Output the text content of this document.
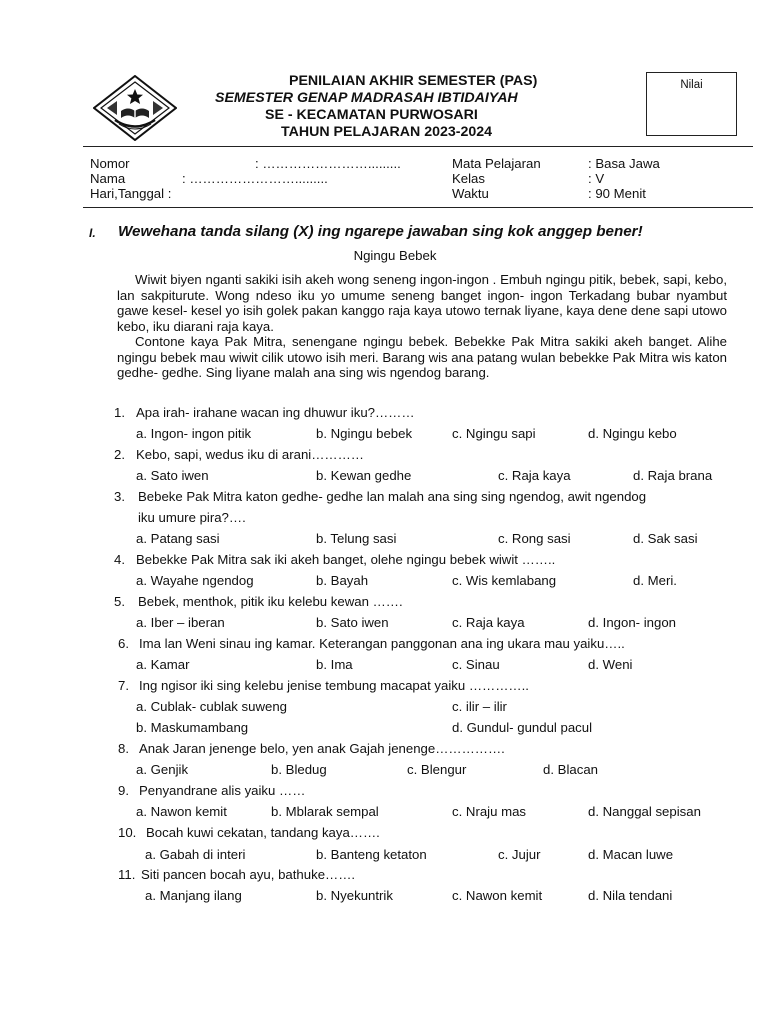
PENILAIAN AKHIR SEMESTER (PAS)
SEMESTER GENAP MADRASAH IBTIDAIYAH
SE - KECAMATAN PURWOSARI
TAHUN PELAJARAN 2023-2024
Nilai
Nomor	: …………………….........
Nama	: …………………….........
Hari,Tanggal :
Mata Pelajaran	: Basa Jawa
Kelas	: V
Waktu	: 90 Menit
I. Wewehana tanda silang (X) ing ngarepe jawaban sing kok anggep bener!
Ngingu Bebek
Wiwit biyen nganti sakiki isih akeh wong seneng ingon-ingon . Embuh ngingu pitik, bebek, sapi, kebo, lan sakpiturute. Wong ndeso iku yo umume seneng banget ingon- ingon Terkadang bubar nyambut gawe kesel- kesel yo isih golek pakan kanggo raja kaya utowo ternak liyane, kaya dene dene sapi utowo kebo, iku diarani raja kaya.
Contone kaya Pak Mitra, senengane ngingu bebek. Bebekke Pak Mitra sakiki akeh banget. Alihe ngingu bebek mau wiwit cilik utowo isih meri. Barang wis ana patang wulan bebekke Pak Mitra wis katon gedhe- gedhe. Sing liyane malah ana sing wis ngendog barang.
1. Apa irah- irahane wacan ing dhuwur iku?………
a. Ingon- ingon pitik	b. Ngingu bebek	c. Ngingu sapi	d. Ngingu kebo
2. Kebo, sapi, wedus iku di arani…………
a. Sato iwen	b. Kewan gedhe	c. Raja kaya	d. Raja brana
3. Bebeke Pak Mitra katon gedhe- gedhe lan malah ana sing sing ngendog, awit ngendog
iku umure pira?….
a. Patang sasi	b. Telung sasi	c. Rong sasi	d. Sak sasi
4. Bebekke Pak Mitra sak iki akeh banget, olehe ngingu bebek wiwit ……..
a. Wayahe ngendog	b. Bayah	c. Wis kemlabang	d. Meri.
5. Bebek, menthok, pitik iku kelebu kewan …….
a. Iber – iberan	b. Sato iwen	c. Raja kaya	d. Ingon- ingon
6. Ima lan Weni sinau ing kamar. Keterangan panggonan ana ing ukara mau yaiku…..
a. Kamar	b. Ima	c. Sinau	d. Weni
7. Ing ngisor iki sing kelebu jenise tembung macapat yaiku …………..
a. Cublak- cublak suweng	c. ilir – ilir
b. Maskumambang	d. Gundul- gundul pacul
8. Anak Jaran jenenge belo, yen anak Gajah jenenge…………….
a. Genjik	b. Bledug	c. Blengur	d. Blacan
9. Penyandrane alis yaiku ……
a. Nawon kemit	b. Mblarak sempal	c. Nraju mas	d. Nanggal sepisan
10. Bocah kuwi cekatan, tandang kaya…….
a. Gabah di interi	b. Banteng ketaton	c. Jujur	d. Macan luwe
11. Siti pancen bocah ayu, bathuke…….
a. Manjang ilang	b. Nyekuntrik	c. Nawon kemit	d. Nila tendani
